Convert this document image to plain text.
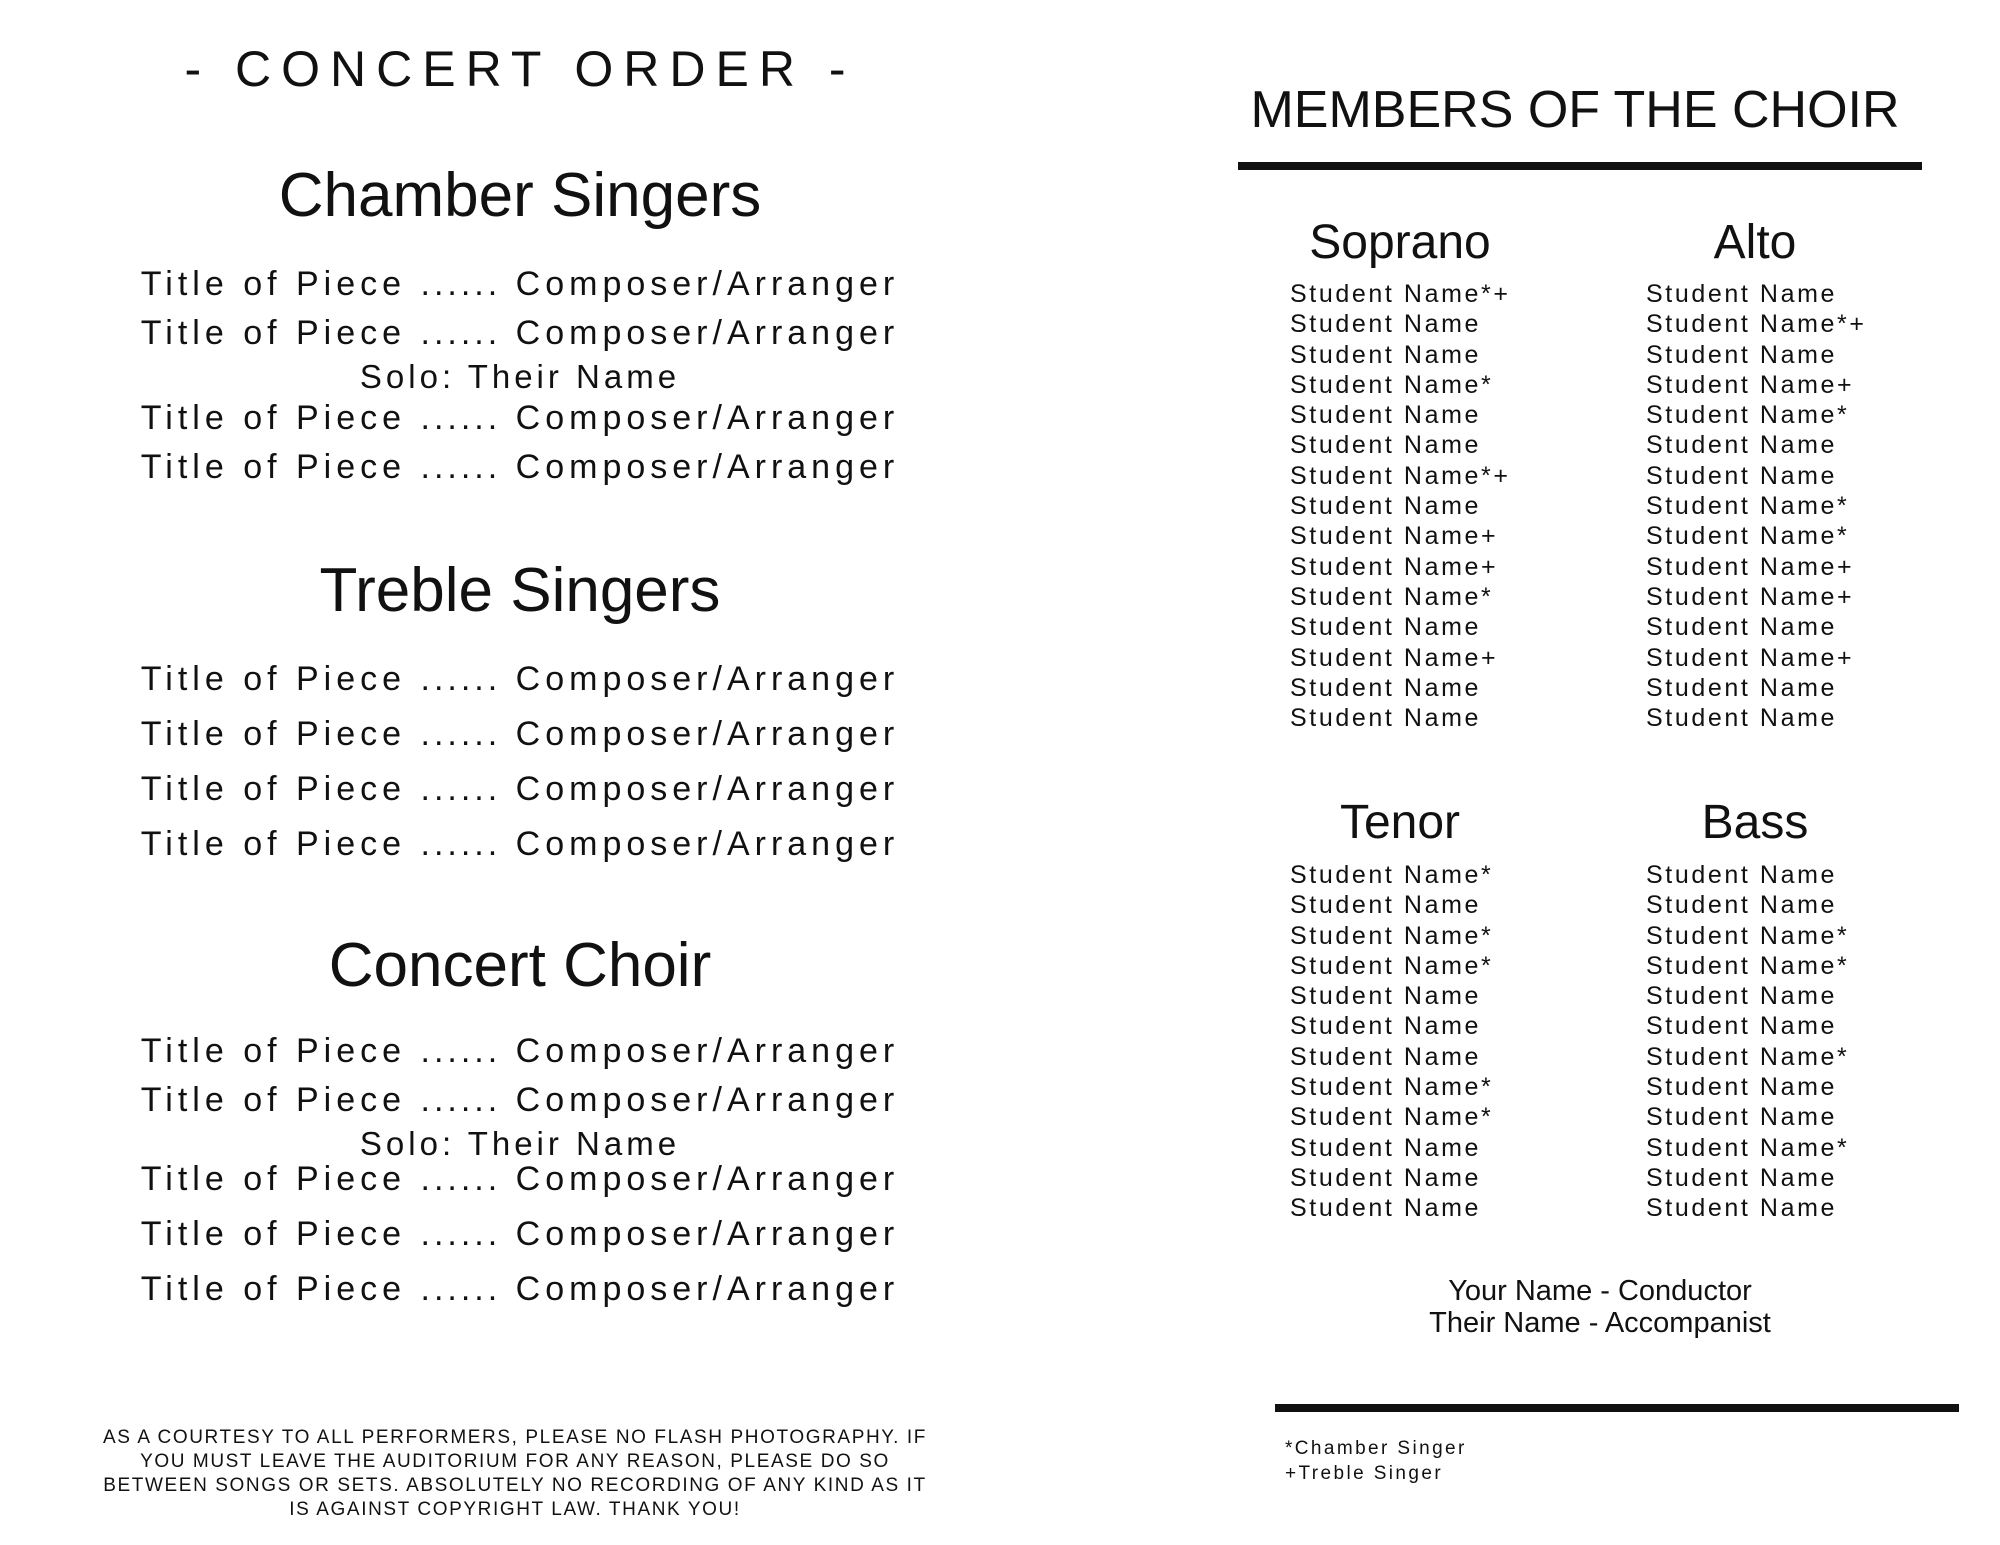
- CONCERT ORDER -
Chamber Singers
Title of Piece ...... Composer/Arranger
Title of Piece ...... Composer/Arranger
Solo: Their Name
Title of Piece ...... Composer/Arranger
Title of Piece ...... Composer/Arranger
Treble Singers
Title of Piece ...... Composer/Arranger
Title of Piece ...... Composer/Arranger
Title of Piece ...... Composer/Arranger
Title of Piece ...... Composer/Arranger
Concert Choir
Title of Piece ...... Composer/Arranger
Title of Piece ...... Composer/Arranger
Solo: Their Name
Title of Piece ...... Composer/Arranger
Title of Piece ...... Composer/Arranger
Title of Piece ...... Composer/Arranger
AS A COURTESY TO ALL PERFORMERS, PLEASE NO FLASH PHOTOGRAPHY. IF YOU MUST LEAVE THE AUDITORIUM FOR ANY REASON, PLEASE DO SO BETWEEN SONGS OR SETS. ABSOLUTELY NO RECORDING OF ANY KIND AS IT IS AGAINST COPYRIGHT LAW. THANK YOU!
MEMBERS OF THE CHOIR
Soprano
Student Name*+
Student Name
Student Name
Student Name*
Student Name
Student Name
Student Name*+
Student Name
Student Name+
Student Name+
Student Name*
Student Name
Student Name+
Student Name
Student Name
Alto
Student Name
Student Name*+
Student Name
Student Name+
Student Name*
Student Name
Student Name
Student Name*
Student Name*
Student Name+
Student Name+
Student Name
Student Name+
Student Name
Student Name
Tenor
Student Name*
Student Name
Student Name*
Student Name*
Student Name
Student Name
Student Name
Student Name*
Student Name*
Student Name
Student Name
Student Name
Bass
Student Name
Student Name
Student Name*
Student Name*
Student Name
Student Name
Student Name*
Student Name
Student Name
Student Name*
Student Name
Student Name
Your Name - Conductor
Their Name - Accompanist
*Chamber Singer
+Treble Singer
